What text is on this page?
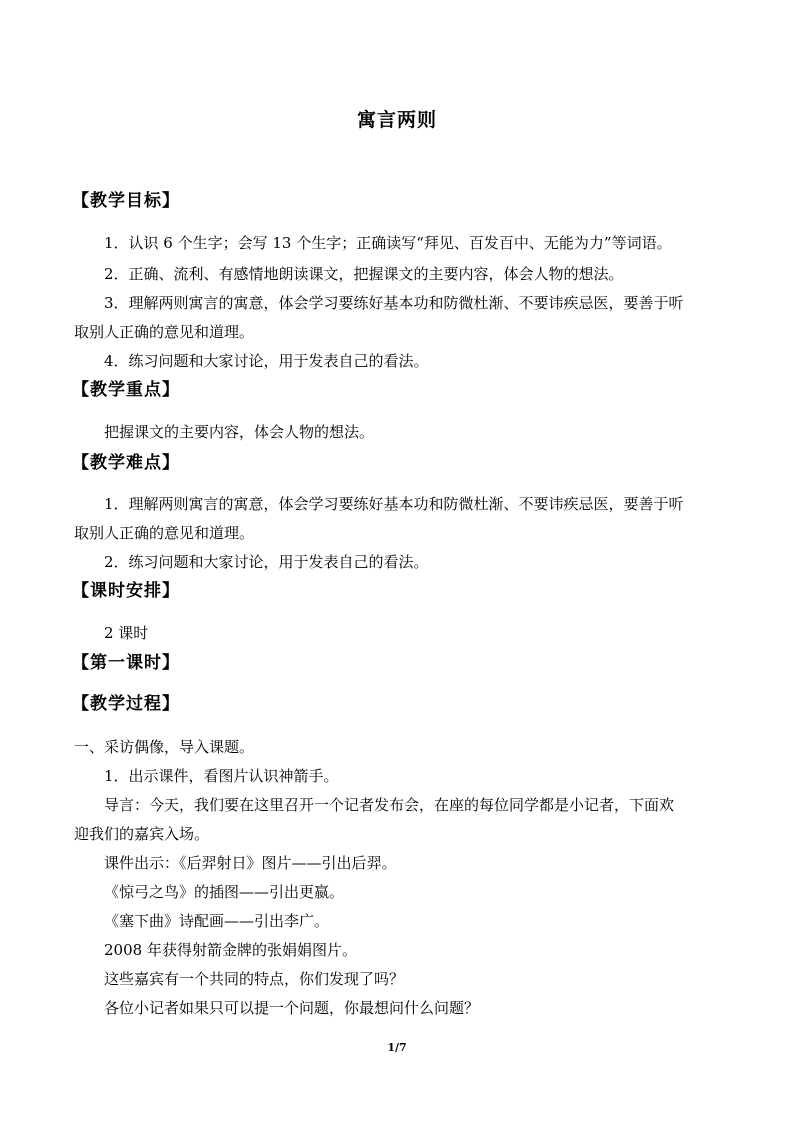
寓言两则
【教学目标】
1．认识 6 个生字；会写 13 个生字；正确读写“拜见、百发百中、无能为力”等词语。
2．正确、流利、有感情地朗读课文，把握课文的主要内容，体会人物的想法。
3．理解两则寓言的寓意，体会学习要练好基本功和防微杜渐、不要讳疾忌医，要善于听
取别人正确的意见和道理。
4．练习问题和大家讨论，用于发表自己的看法。
【教学重点】
把握课文的主要内容，体会人物的想法。
【教学难点】
1．理解两则寓言的寓意，体会学习要练好基本功和防微杜渐、不要讳疾忌医，要善于听
取别人正确的意见和道理。
2．练习问题和大家讨论，用于发表自己的看法。
【课时安排】
2 课时
【第一课时】
【教学过程】
一、采访偶像，导入课题。
1．出示课件，看图片认识神箭手。
导言：今天，我们要在这里召开一个记者发布会，在座的每位同学都是小记者，下面欢
迎我们的嘉宾入场。
课件出示：《后羿射日》图片——引出后羿。
《惊弓之鸟》的插图——引出更嬴。
《塞下曲》诗配画——引出李广。
2008 年获得射箭金牌的张娟娟图片。
这些嘉宾有一个共同的特点，你们发现了吗？
各位小记者如果只可以提一个问题，你最想问什么问题？
1/7
